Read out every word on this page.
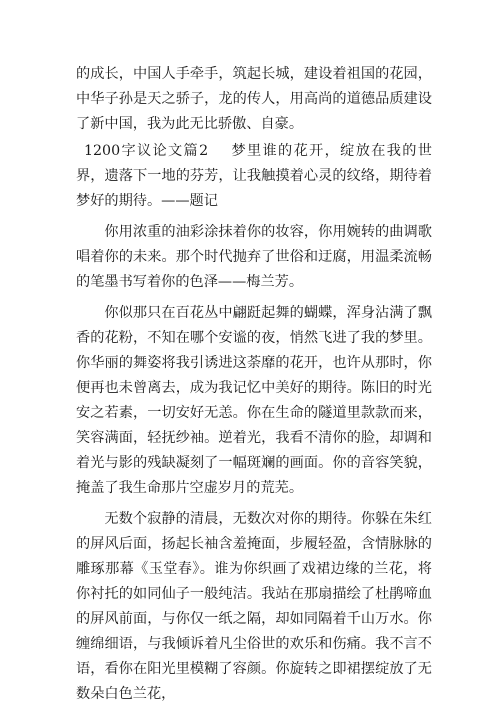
的成长，中国人手牵手，筑起长城，建设着祖国的花园，中华子孙是天之骄子，龙的传人，用高尚的道德品质建设了新中国，我为此无比骄傲、自豪。

1200字议论文篇2 梦里谁的花开，绽放在我的世界，遗落下一地的芬芳，让我触摸着心灵的纹络，期待着梦好的期待。——题记

你用浓重的油彩涂抹着你的妆容，你用婉转的曲调歌唱着你的未来。那个时代抛弃了世俗和迂腐，用温柔流畅的笔墨书写着你的色泽——梅兰芳。

你似那只在百花丛中翩跹起舞的蝴蝶，浑身沾满了飘香的花粉，不知在哪个安谧的夜，悄然飞进了我的梦里。你华丽的舞姿将我引诱进这荼靡的花开，也许从那时，你便再也未曾离去，成为我记忆中美好的期待。陈旧的时光安之若素，一切安好无恙。你在生命的隧道里款款而来，笑容满面，轻抚纱袖。逆着光，我看不清你的脸，却调和着光与影的残缺凝刻了一幅斑斓的画面。你的音容笑貌，掩盖了我生命那片空虚岁月的荒芜。

无数个寂静的清晨，无数次对你的期待。你躲在朱红的屏风后面，扬起长袖含羞掩面，步履轻盈，含情脉脉的雕琢那幕《玉堂春》。谁为你织画了戏裙边缘的兰花，将你衬托的如同仙子一般纯洁。我站在那扇描绘了杜鹃啼血的屏风前面，与你仅一纸之隔，却如同隔着千山万水。你缠绵细语，与我倾诉着凡尘俗世的欢乐和伤痛。我不言不语，看你在阳光里模糊了容颜。你旋转之即裙摆绽放了无数朵白色兰花，
